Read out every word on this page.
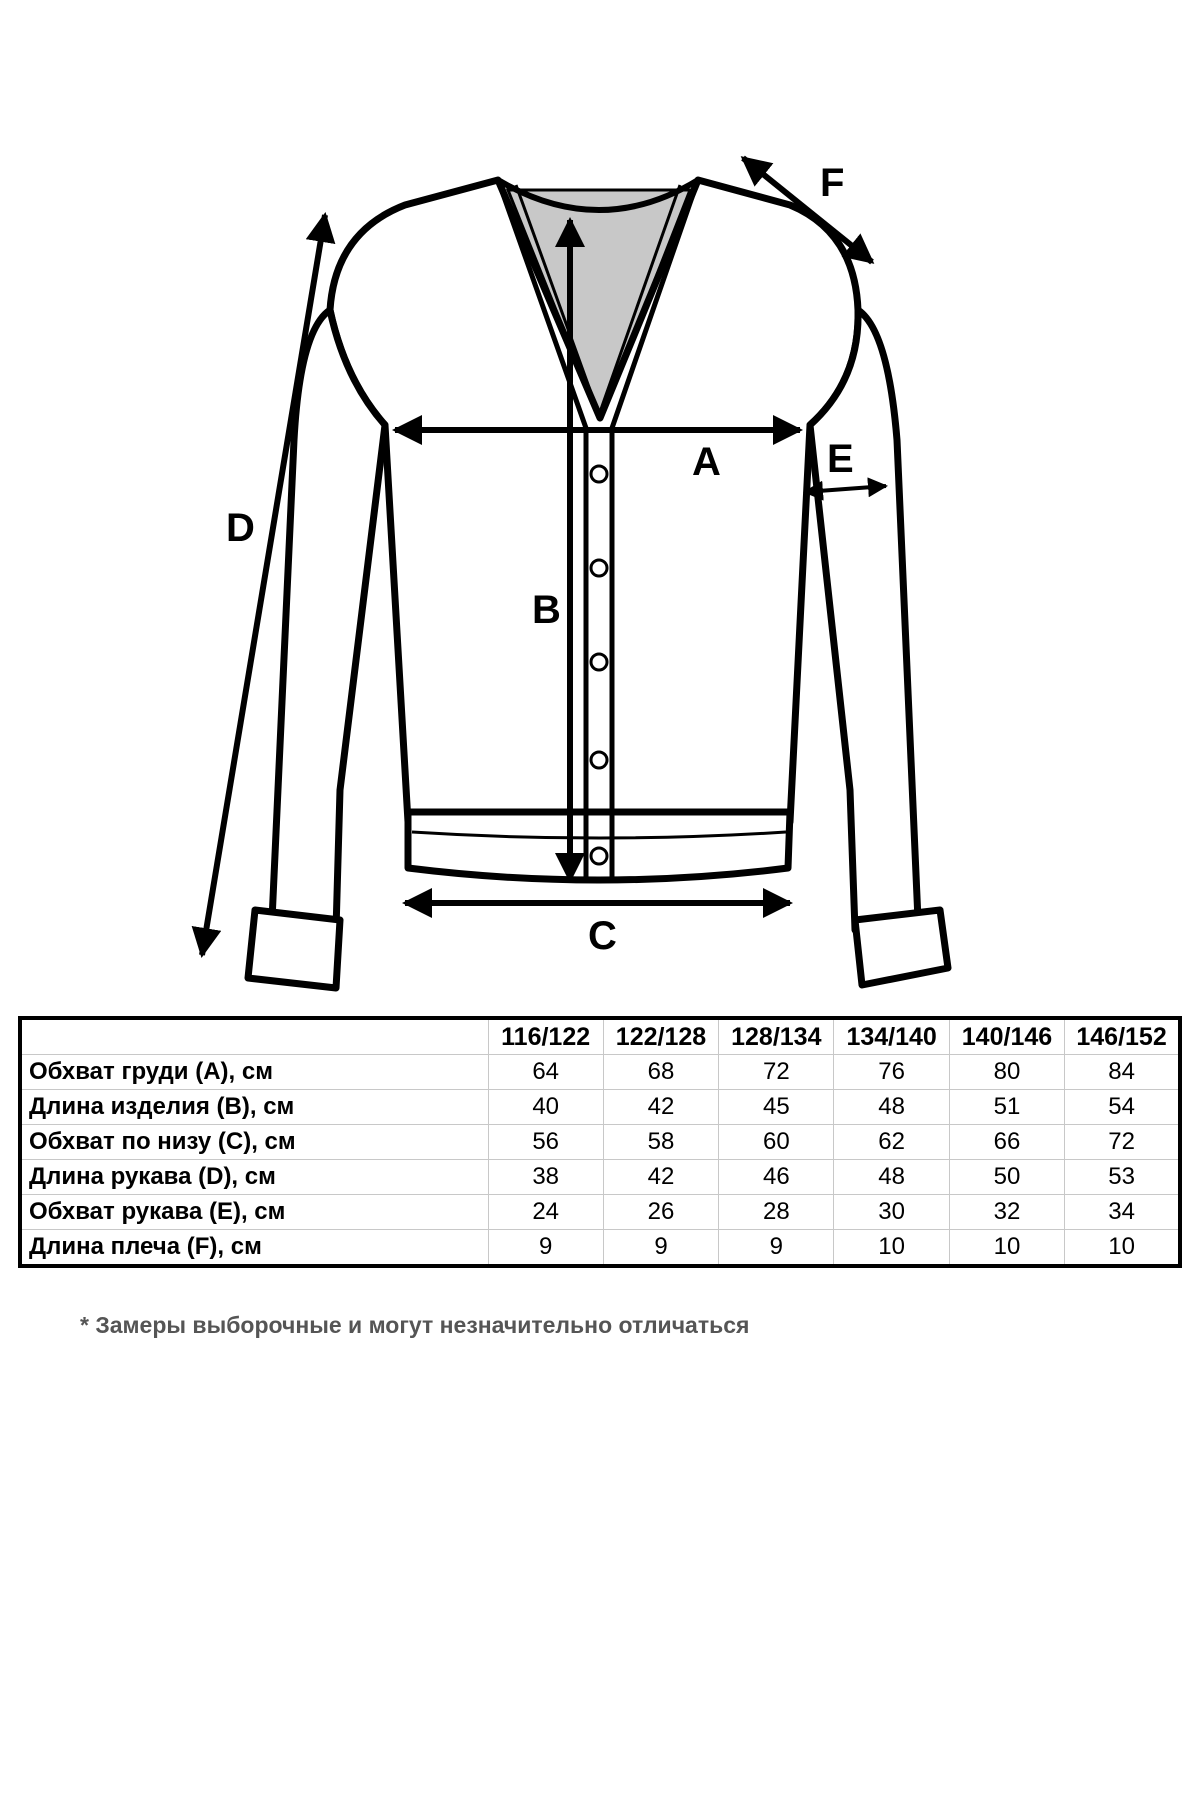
A
B
C
D
E
F
	116/122	122/128	128/134	134/140	140/146	146/152
Обхват груди (А), см	64	68	72	76	80	84
Длина изделия (В), см	40	42	45	48	51	54
Обхват по низу (С), см	56	58	60	62	66	72
Длина рукава (D), см	38	42	46	48	50	53
Обхват рукава (E), см	24	26	28	30	32	34
Длина плеча (F), см	9	9	9	10	10	10
* Замеры выборочные и могут незначительно отличаться
